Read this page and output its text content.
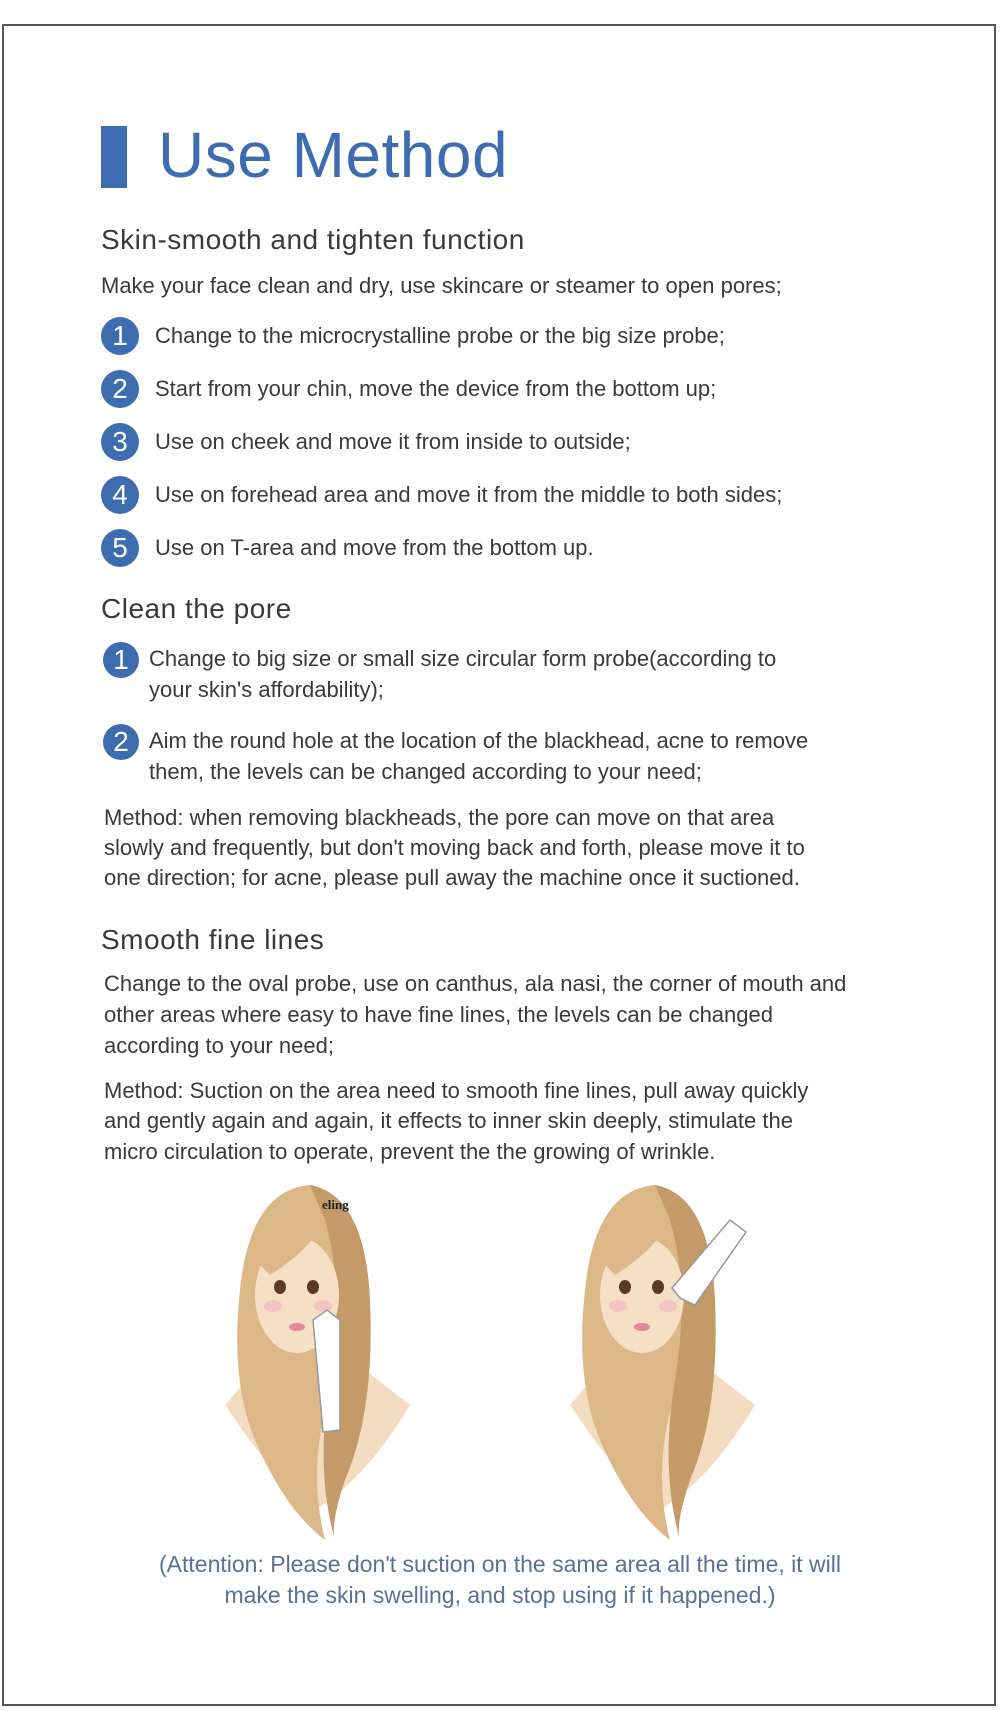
Use Method
Skin-smooth and tighten function
Make your face clean and dry, use skincare or steamer to open pores;
1	Change to the microcrystalline probe or the big size probe;
2	Start from your chin, move the device from the bottom up;
3	Use on cheek and move it from inside to outside;
4	Use on forehead area and move it from the middle to both sides;
5	Use on T-area and move from the bottom up.
Clean the pore
1 Change to big size or small size circular form probe(according to
your skin's affordability);
2 Aim the round hole at the location of the blackhead, acne to remove
them, the levels can be changed according to your need;
Method: when removing blackheads, the pore can move on that area
slowly and frequently, but don't moving back and forth, please move it to
one direction; for acne, please pull away the machine once it suctioned.
Smooth fine lines
Change to the oval probe, use on canthus, ala nasi, the corner of mouth and
other areas where easy to have fine lines, the levels can be changed
according to your need;
Method: Suction on the area need to smooth fine lines, pull away quickly
and gently again and again, it effects to inner skin deeply, stimulate the
micro circulation to operate, prevent the the growing of wrinkle.
eling
(Attention: Please don't suction on the same area all the time, it will
make the skin swelling, and stop using if it happened.)
